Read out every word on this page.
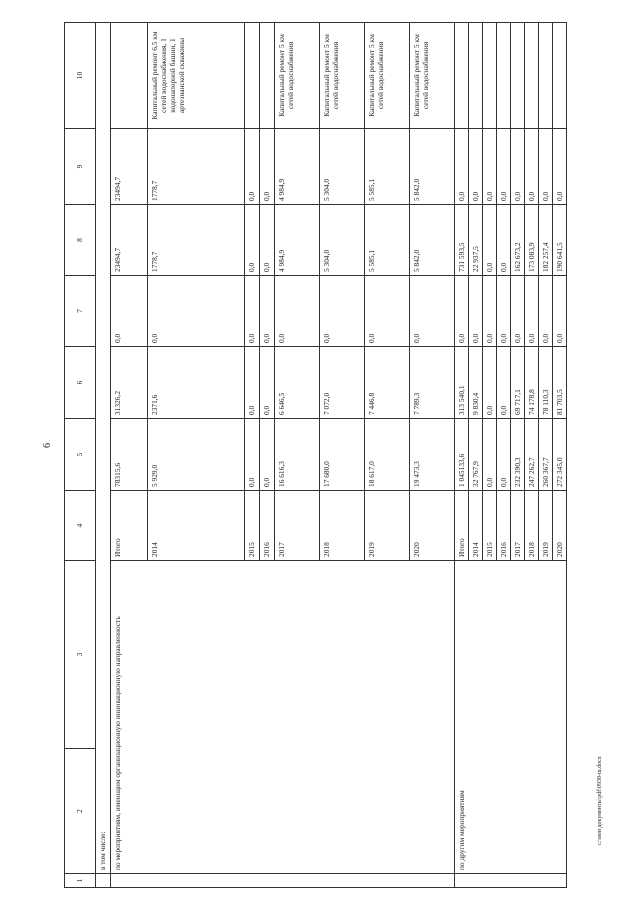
6
1	2	3	4	5	6	7	8	9	10
	в том числе:								
	по мероприятиям, имеющим организационную инновационную направленность		Итого	78315,6	31326,2	0,0	23494,7	23494,7	
			2014	5 929,0	2371,6	0,0	1778,7	1778,7	Капитальный ремонт 6,5 км сетей водоснабжения, 1 водонапорной башни, 1 артезианской скважины
			2015	0,0	0,0	0,0	0,0	0,0	
			2016	0,0	0,0	0,0	0,0	0,0	
			2017	16 616,3	6 646,5	0,0	4 984,9	4 984,9	Капитальный ремонт 5 км сетей водоснабжения
			2018	17 680,0	7 072,0	0,0	5 304,0	5 304,0	Капитальный ремонт 5 км сетей водоснабжения
			2019	18 617,0	7 446,8	0,0	5 585,1	5 585,1	Капитальный ремонт 5 км сетей водоснабжения
			2020	19 473,3	7 789,3	0,0	5 842,0	5 842,0	Капитальный ремонт 5 км сетей водоснабжения
	по другим мероприятиям		Итого	1 045133,6	313 540,1	0,0	731 593,5	0,0	
			2014	32 767,9	9 830,4	0,0	22 937,5	0,0	
			2015	0,0	0,0	0,0	0,0	0,0	
			2016	0,0	0,0	0,0	0,0	0,0	
			2017	232 390,3	69 717,1	0,0	162 673,2	0,0	
			2018	247 262,7	74 178,8	0,0	173 083,9	0,0	
			2019	260 367,7	78 110,3	0,0	182 257,4	0,0	
			2020	272 345,0	81 703,5	0,0	190 641,5	0,0	
c:\мои документы\pdf\0938-ш.docx
